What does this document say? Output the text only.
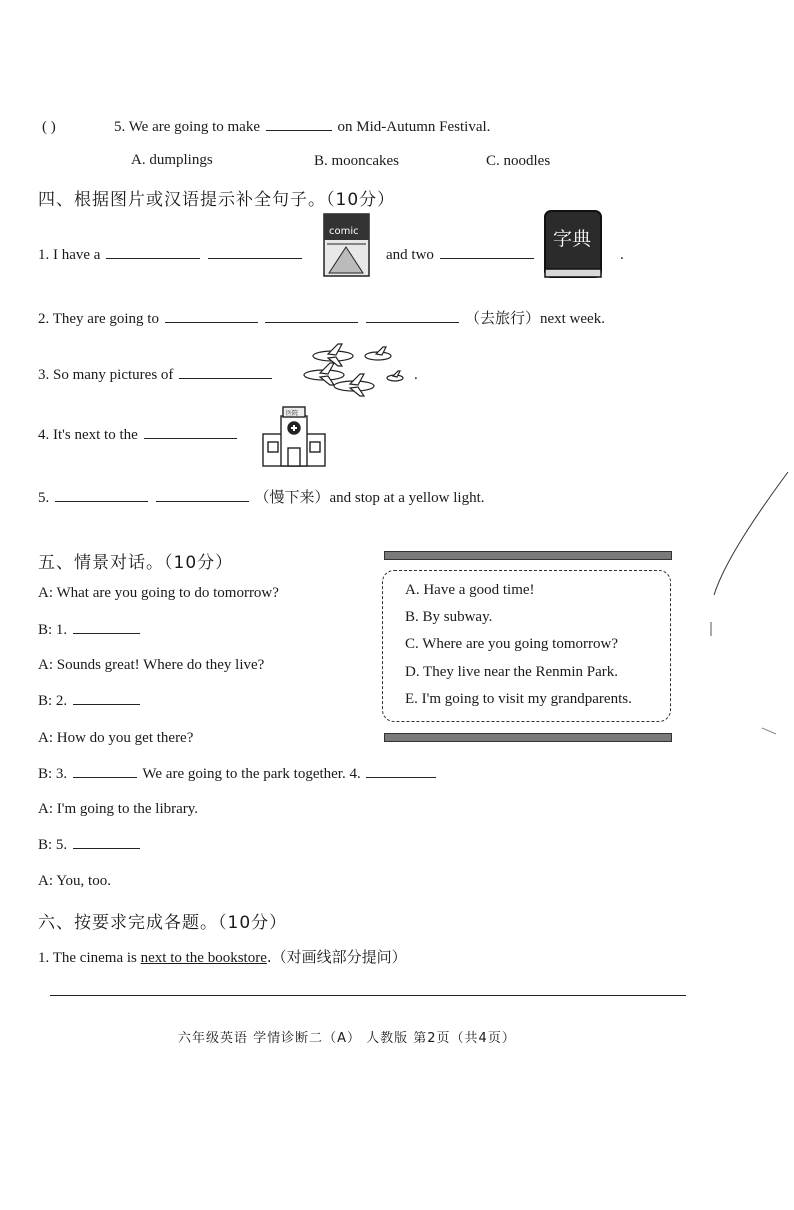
( )	5. We are going to make	on Mid-Autumn Festival.
A. dumplings	B. mooncakes	C. noodles
四、根据图片或汉语提示补全句子。（10分）
1. I have a
comic
and two
字典
.
2. They are going to	（去旅行）next week.
3. So many pictures of	.
4. It's next to the
医院
5.	（慢下来）and stop at a yellow light.
五、情景对话。（10分）
A: What are you going to do tomorrow?
B: 1.
A: Sounds great! Where do they live?
B: 2.
A: How do you get there?
B: 3.	We are going to the park together. 4.
A: I'm going to the library.
B: 5.
A: You, too.
A. Have a good time!
B. By subway.
C. Where are you going tomorrow?
D. They live near the Renmin Park.
E. I'm going to visit my grandparents.
六、按要求完成各题。（10分）
1. The cinema is next to the bookstore.（对画线部分提问）
六年级英语 学情诊断二（A） 人教版 第2页（共4页）
